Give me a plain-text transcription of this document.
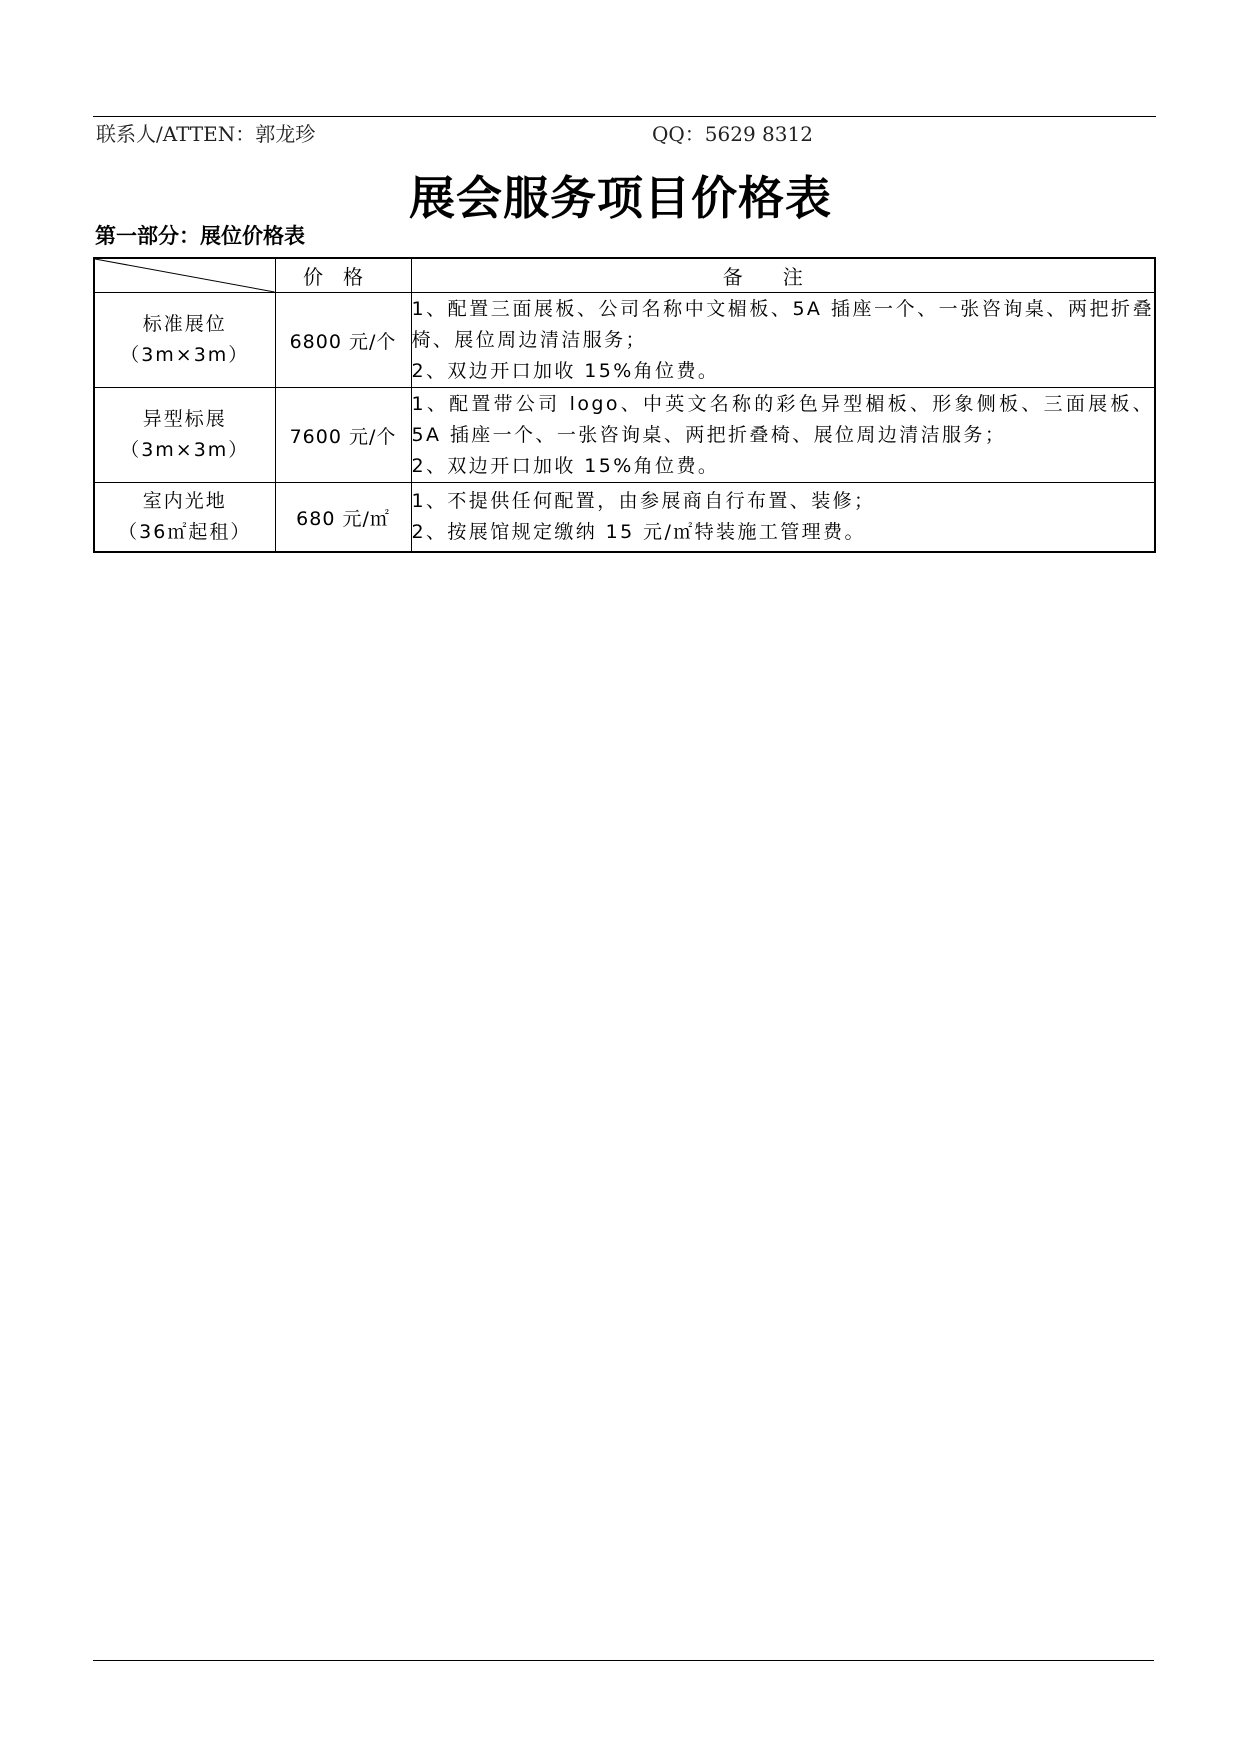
联系人/ATTEN：郭龙珍	QQ：5629 8312
展会服务项目价格表
第一部分：展位价格表
	价格	备注

标准展位
（3m×3m）	6800 元/个	1、配置三面展板、公司名称中文楣板、5A 插座一个、一张咨询桌、两把折叠椅、展位周边清洁服务；
2、双边开口加收 15%角位费。

异型标展
（3m×3m）	7600 元/个	1、配置带公司 logo、中英文名称的彩色异型楣板、形象侧板、三面展板、5A 插座一个、一张咨询桌、两把折叠椅、展位周边清洁服务；
2、双边开口加收 15%角位费。

室内光地
（36㎡起租）	680 元/㎡	1、不提供任何配置，由参展商自行布置、装修；
2、按展馆规定缴纳 15 元/㎡特装施工管理费。
